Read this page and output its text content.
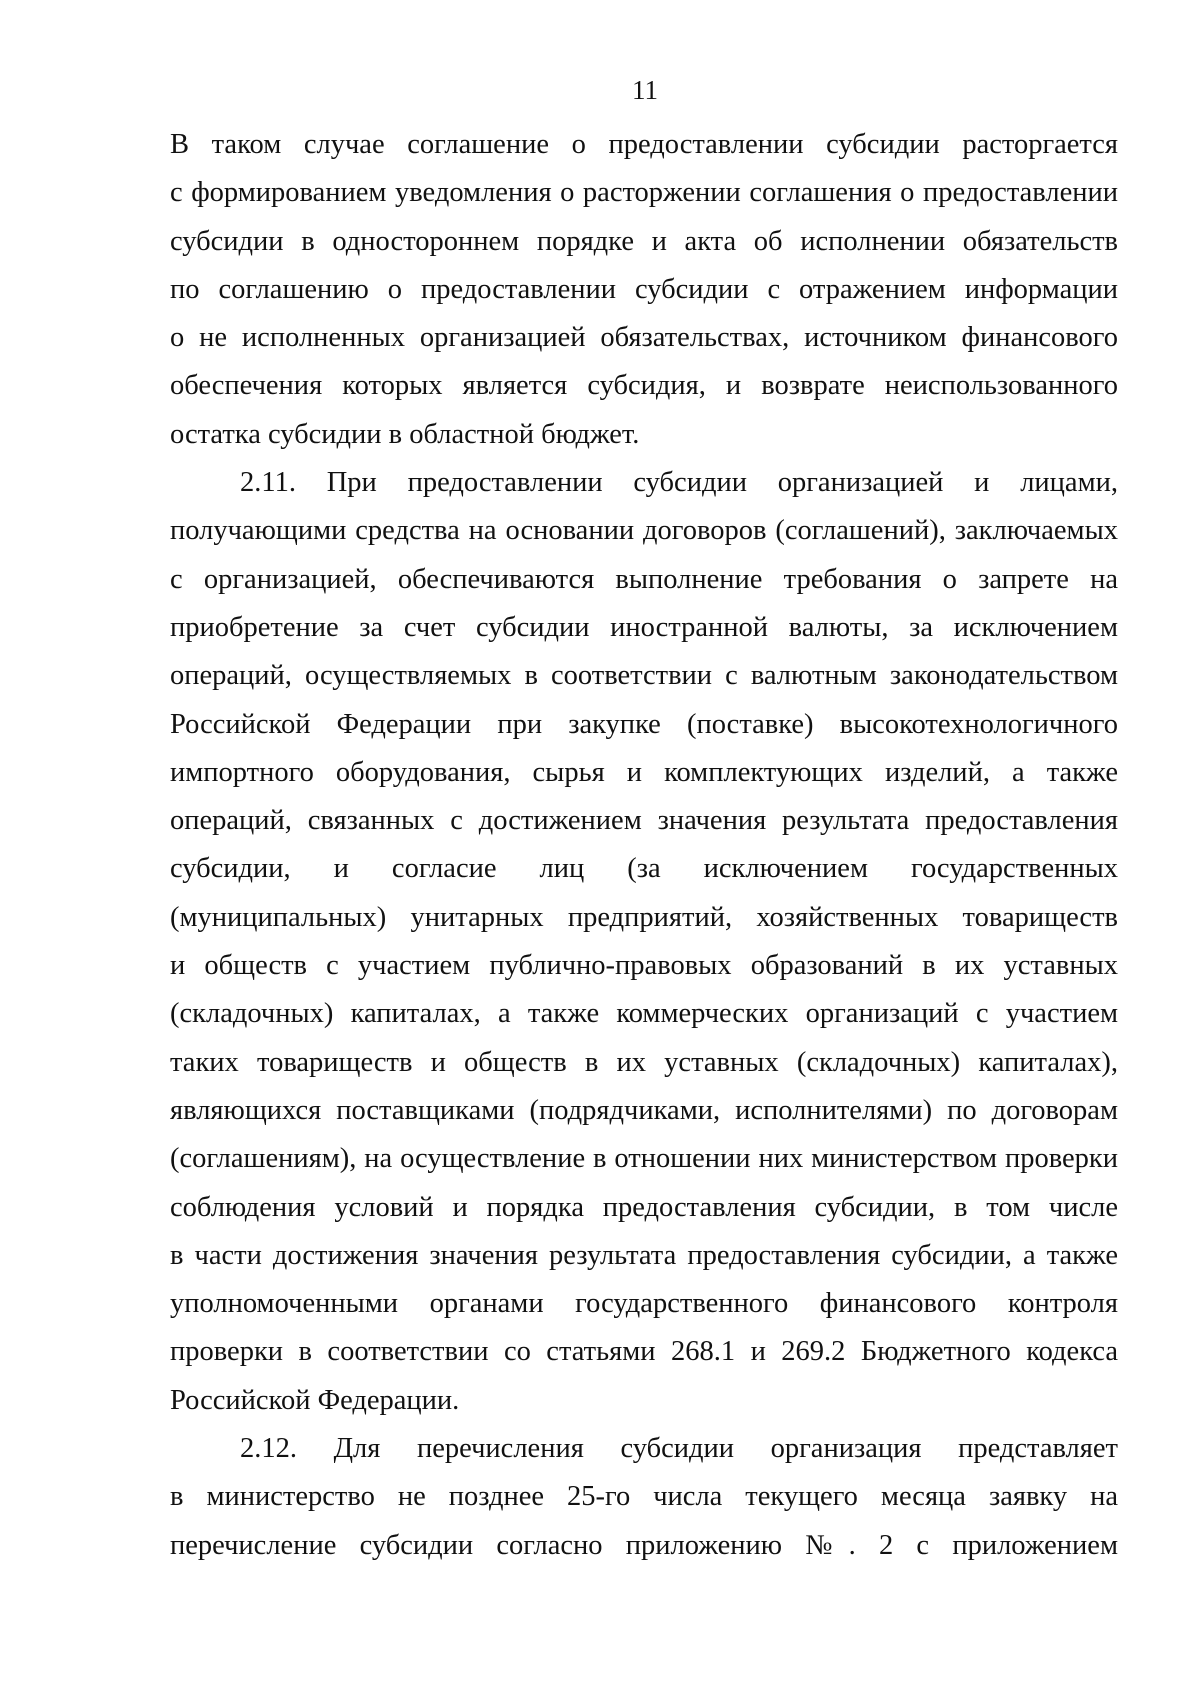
11
В таком случае соглашение о предоставлении субсидии расторгается
с формированием уведомления о расторжении соглашения о предоставлении
субсидии в одностороннем порядке и акта об исполнении обязательств
по соглашению о предоставлении субсидии с отражением информации
о не исполненных организацией обязательствах, источником финансового
обеспечения которых является субсидия, и возврате неиспользованного
остатка субсидии в областной бюджет.
2.11. При предоставлении субсидии организацией и лицами,
получающими средства на основании договоров (соглашений), заключаемых
с организацией, обеспечиваются выполнение требования о запрете на
приобретение за счет субсидии иностранной валюты, за исключением
операций, осуществляемых в соответствии с валютным законодательством
Российской Федерации при закупке (поставке) высокотехнологичного
импортного оборудования, сырья и комплектующих изделий, а также
операций, связанных с достижением значения результата предоставления
субсидии, и согласие лиц (за исключением государственных
(муниципальных) унитарных предприятий, хозяйственных товариществ
и обществ с участием публично-правовых образований в их уставных
(складочных) капиталах, а также коммерческих организаций с участием
таких товариществ и обществ в их уставных (складочных) капиталах),
являющихся поставщиками (подрядчиками, исполнителями) по договорам
(соглашениям), на осуществление в отношении них министерством проверки
соблюдения условий и порядка предоставления субсидии, в том числе
в части достижения значения результата предоставления субсидии, а также
уполномоченными органами государственного финансового контроля
проверки в соответствии со статьями 268.1 и 269.2 Бюджетного кодекса
Российской Федерации.
2.12. Для перечисления субсидии организация представляет
в министерство не позднее 25-го числа текущего месяца заявку на
перечисление субсидии согласно приложению №. 2 с приложением
